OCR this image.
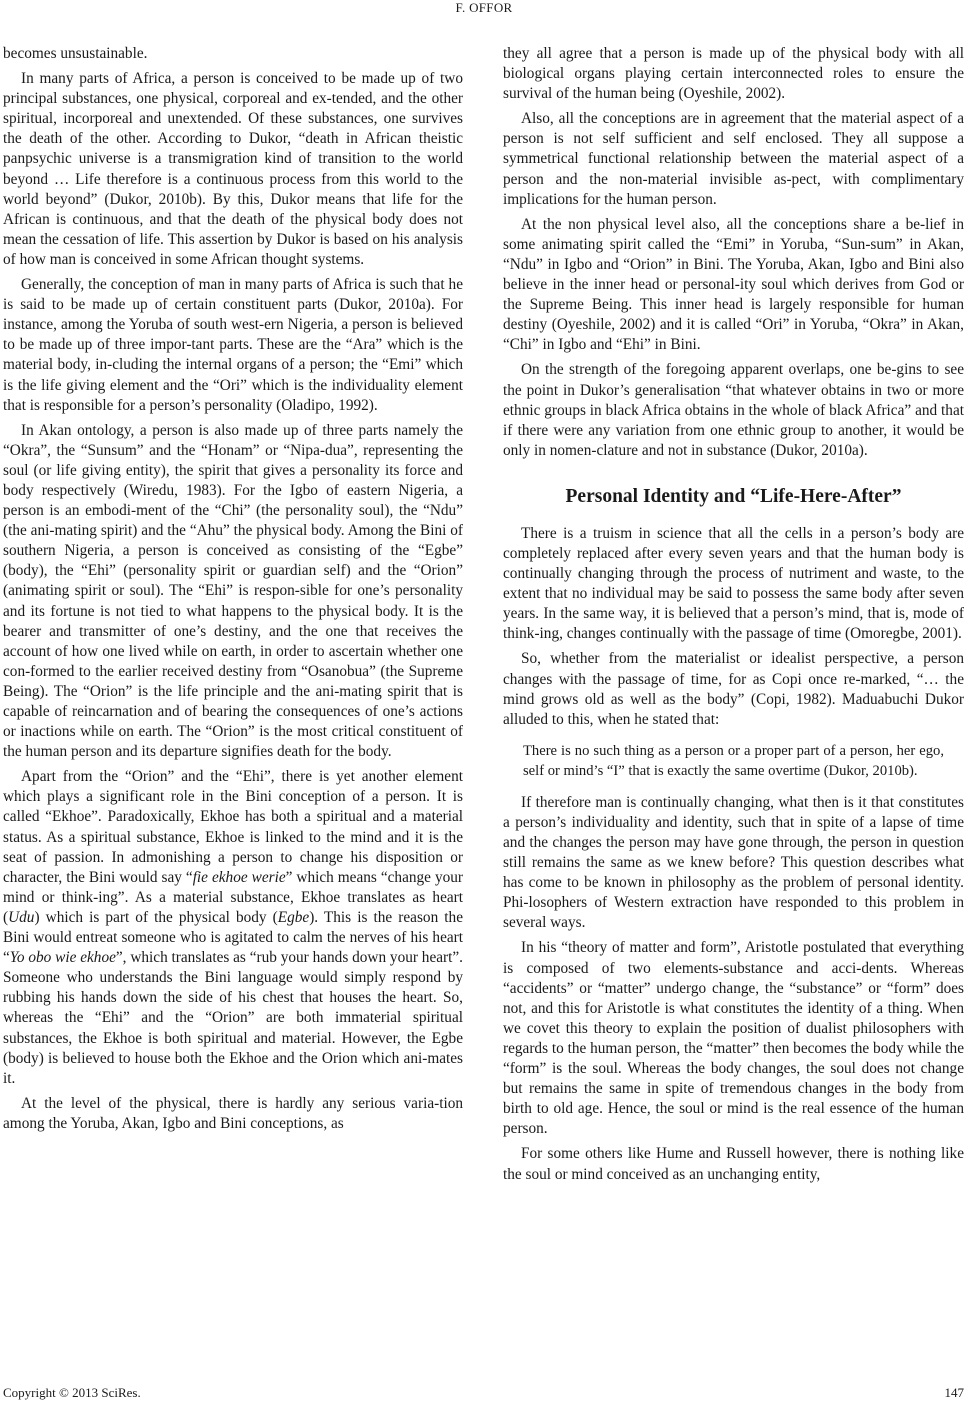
F. OFFOR

becomes unsustainable.

In many parts of Africa, a person is conceived to be made up of two principal substances, one physical, corporeal and ex-tended, and the other spiritual, incorporeal and unextended. Of these substances, one survives the death of the other. According to Dukor, “death in African theistic panpsychic universe is a transmigration kind of transition to the world beyond … Life therefore is a continuous process from this world to the world beyond” (Dukor, 2010b). By this, Dukor means that life for the African is continuous, and that the death of the physical body does not mean the cessation of life. This assertion by Dukor is based on his analysis of how man is conceived in some African thought systems.

Generally, the conception of man in many parts of Africa is such that he is said to be made up of certain constituent parts (Dukor, 2010a). For instance, among the Yoruba of south west-ern Nigeria, a person is believed to be made up of three impor-tant parts. These are the “Ara” which is the material body, in-cluding the internal organs of a person; the “Emi” which is the life giving element and the “Ori” which is the individuality element that is responsible for a person’s personality (Oladipo, 1992).

In Akan ontology, a person is also made up of three parts namely the “Okra”, the “Sunsum” and the “Honam” or “Nipa-dua”, representing the soul (or life giving entity), the spirit that gives a personality its force and body respectively (Wiredu, 1983). For the Igbo of eastern Nigeria, a person is an embodi-ment of the “Chi” (the personality soul), the “Ndu” (the ani-mating spirit) and the “Ahu” the physical body. Among the Bini of southern Nigeria, a person is conceived as consisting of the “Egbe” (body), the “Ehi” (personality spirit or guardian self) and the “Orion” (animating spirit or soul). The “Ehi” is respon-sible for one’s personality and its fortune is not tied to what happens to the physical body. It is the bearer and transmitter of one’s destiny, and the one that receives the account of how one lived while on earth, in order to ascertain whether one con-formed to the earlier received destiny from “Osanobua” (the Supreme Being). The “Orion” is the life principle and the ani-mating spirit that is capable of reincarnation and of bearing the consequences of one’s actions or inactions while on earth. The “Orion” is the most critical constituent of the human person and its departure signifies death for the body.

Apart from the “Orion” and the “Ehi”, there is yet another element which plays a significant role in the Bini conception of a person. It is called “Ekhoe”. Paradoxically, Ekhoe has both a spiritual and a material status. As a spiritual substance, Ekhoe is linked to the mind and it is the seat of passion. In admonishing a person to change his disposition or character, the Bini would say “fie ekhoe werie” which means “change your mind or think-ing”. As a material substance, Ekhoe translates as heart (Udu) which is part of the physical body (Egbe). This is the reason the Bini would entreat someone who is agitated to calm the nerves of his heart “Yo obo wie ekhoe”, which translates as “rub your hands down your heart”. Someone who understands the Bini language would simply respond by rubbing his hands down the side of his chest that houses the heart. So, whereas the “Ehi” and the “Orion” are both immaterial spiritual substances, the Ekhoe is both spiritual and material. However, the Egbe (body) is believed to house both the Ekhoe and the Orion which ani-mates it.

At the level of the physical, there is hardly any serious varia-tion among the Yoruba, Akan, Igbo and Bini conceptions, as

they all agree that a person is made up of the physical body with all biological organs playing certain interconnected roles to ensure the survival of the human being (Oyeshile, 2002).

Also, all the conceptions are in agreement that the material aspect of a person is not self sufficient and self enclosed. They all suppose a symmetrical functional relationship between the material aspect of a person and the non-material invisible as-pect, with complimentary implications for the human person.

At the non physical level also, all the conceptions share a be-lief in some animating spirit called the “Emi” in Yoruba, “Sun-sum” in Akan, “Ndu” in Igbo and “Orion” in Bini. The Yoruba, Akan, Igbo and Bini also believe in the inner head or personal-ity soul which derives from God or the Supreme Being. This inner head is largely responsible for human destiny (Oyeshile, 2002) and it is called “Ori” in Yoruba, “Okra” in Akan, “Chi” in Igbo and “Ehi” in Bini.

On the strength of the foregoing apparent overlaps, one be-gins to see the point in Dukor’s generalisation “that whatever obtains in two or more ethnic groups in black Africa obtains in the whole of black Africa” and that if there were any variation from one ethnic group to another, it would be only in nomen-clature and not in substance (Dukor, 2010a).

Personal Identity and “Life-Here-After”

There is a truism in science that all the cells in a person’s body are completely replaced after every seven years and that the human body is continually changing through the process of nutriment and waste, to the extent that no individual may be said to possess the same body after seven years. In the same way, it is believed that a person’s mind, that is, mode of think-ing, changes continually with the passage of time (Omoregbe, 2001).

So, whether from the materialist or idealist perspective, a person changes with the passage of time, for as Copi once re-marked, “… the mind grows old as well as the body” (Copi, 1982). Maduabuchi Dukor alluded to this, when he stated that:

There is no such thing as a person or a proper part of a person, her ego, self or mind’s “I” that is exactly the same overtime (Dukor, 2010b).

If therefore man is continually changing, what then is it that constitutes a person’s individuality and identity, such that in spite of a lapse of time and the changes the person may have gone through, the person in question still remains the same as we knew before? This question describes what has come to be known in philosophy as the problem of personal identity. Phi-losophers of Western extraction have responded to this problem in several ways.

In his “theory of matter and form”, Aristotle postulated that everything is composed of two elements-substance and acci-dents. Whereas “accidents” or “matter” undergo change, the “substance” or “form” does not, and this for Aristotle is what constitutes the identity of a thing. When we covet this theory to explain the position of dualist philosophers with regards to the human person, the “matter” then becomes the body while the “form” is the soul. Whereas the body changes, the soul does not change but remains the same in spite of tremendous changes in the body from birth to old age. Hence, the soul or mind is the real essence of the human person.

For some others like Hume and Russell however, there is nothing like the soul or mind conceived as an unchanging entity,

Copyright © 2013 SciRes.	147
